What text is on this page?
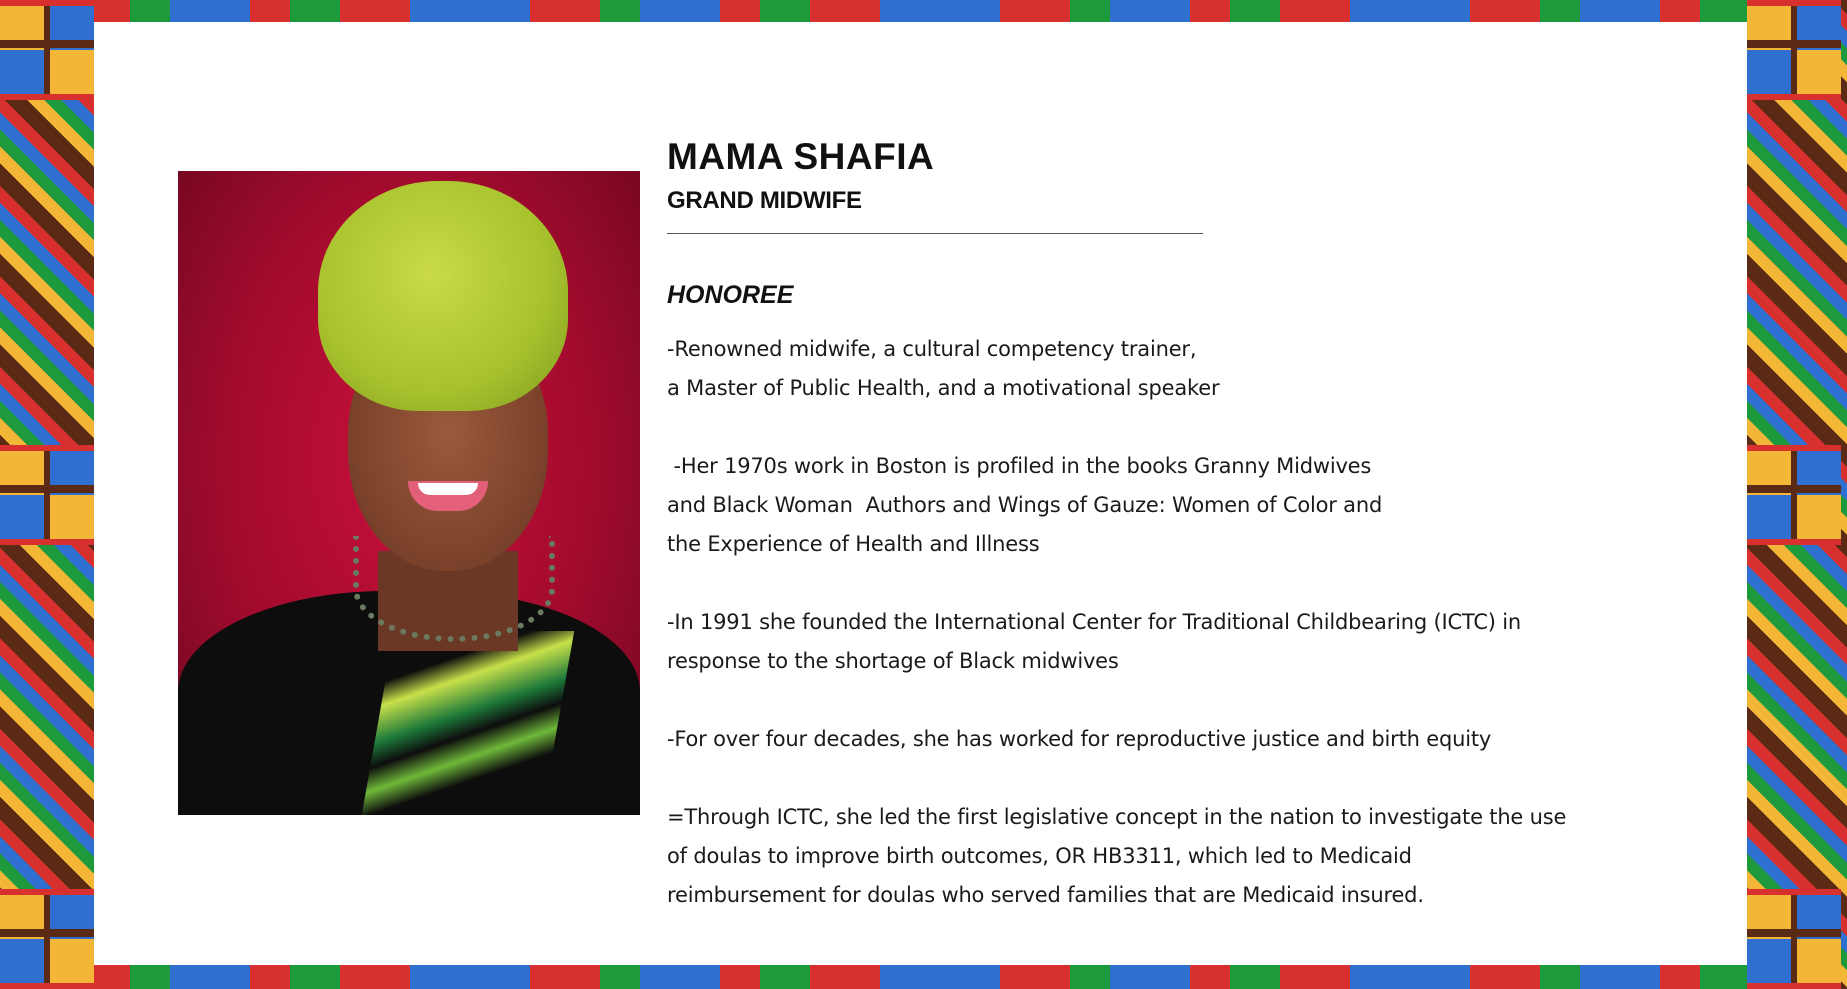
MAMA SHAFIA
GRAND MIDWIFE
HONOREE

-Renowned midwife, a cultural competency trainer,
a Master of Public Health, and a motivational speaker

-Her 1970s work in Boston is profiled in the books Granny Midwives
and Black Woman  Authors and Wings of Gauze: Women of Color and
the Experience of Health and Illness

-In 1991 she founded the International Center for Traditional Childbearing (ICTC) in
response to the shortage of Black midwives

-For over four decades, she has worked for reproductive justice and birth equity

=Through ICTC, she led the first legislative concept in the nation to investigate the use
of doulas to improve birth outcomes, OR HB3311, which led to Medicaid
reimbursement for doulas who served families that are Medicaid insured.
